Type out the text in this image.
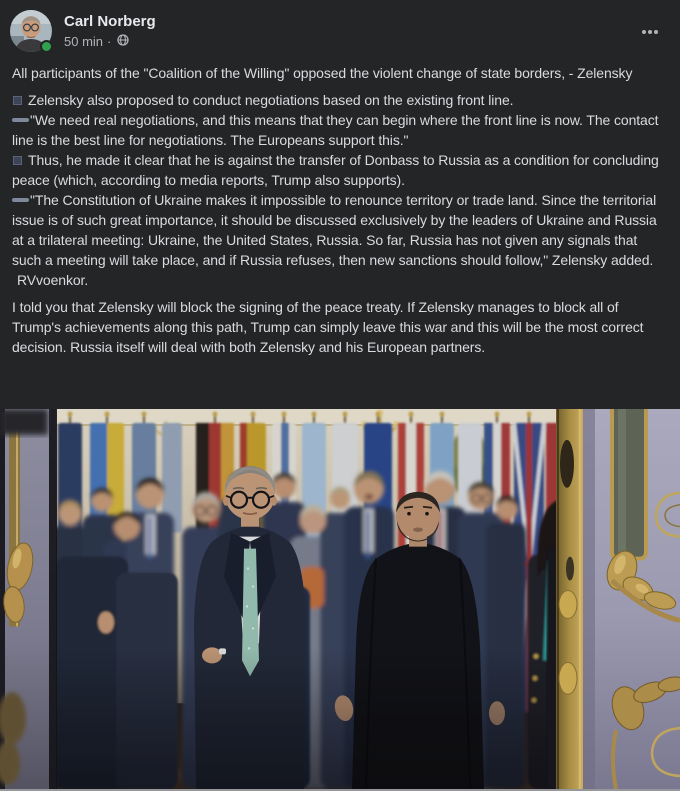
Carl Norberg
50 min ·
All participants of the "Coalition of the Willing" opposed the violent change of state borders, - Zelensky
Zelensky also proposed to conduct negotiations based on the existing front line.
"We need real negotiations, and this means that they can begin where the front line is now. The contact line is the best line for negotiations. The Europeans support this."
Thus, he made it clear that he is against the transfer of Donbass to Russia as a condition for concluding peace (which, according to media reports, Trump also supports).
"The Constitution of Ukraine makes it impossible to renounce territory or trade land. Since the territorial issue is of such great importance, it should be discussed exclusively by the leaders of Ukraine and Russia at a trilateral meeting: Ukraine, the United States, Russia. So far, Russia has not given any signals that such a meeting will take place, and if Russia refuses, then new sanctions should follow," Zelensky added.
RVvoenkor.
I told you that Zelensky will block the signing of the peace treaty. If Zelensky manages to block all of Trump's achievements along this path, Trump can simply leave this war and this will be the most correct decision. Russia itself will deal with both Zelensky and his European partners.
